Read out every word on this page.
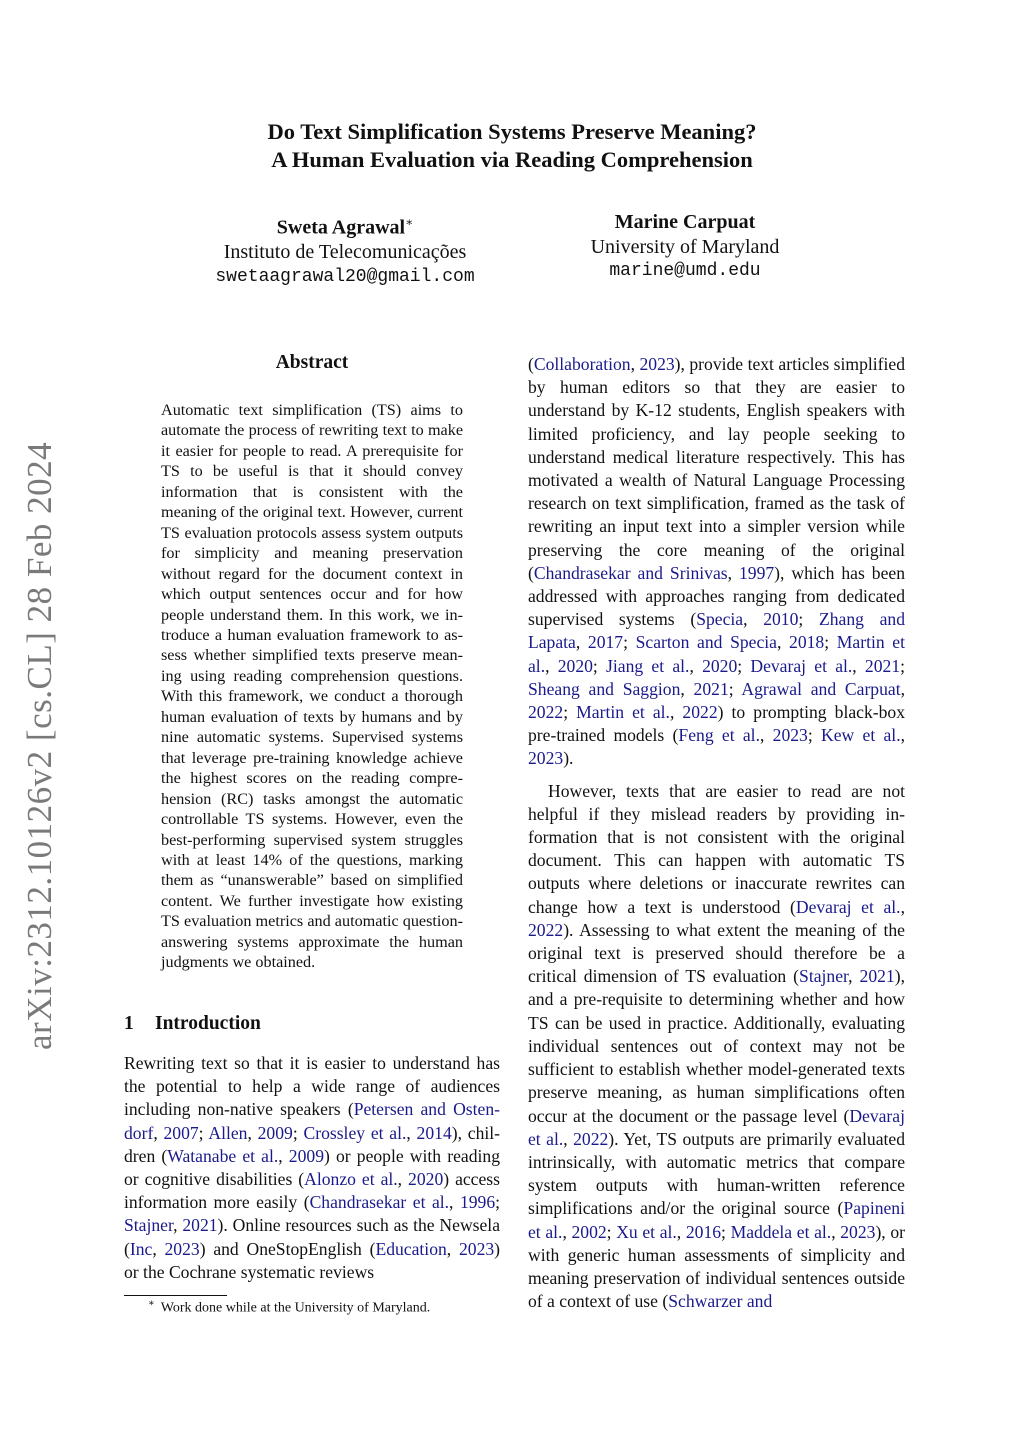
arXiv:2312.10126v2 [cs.CL] 28 Feb 2024
Do Text Simplification Systems Preserve Meaning?
A Human Evaluation via Reading Comprehension
Sweta Agrawal∗
Instituto de Telecomunicações
swetaagrawal20@gmail.com
Marine Carpuat
University of Maryland
marine@umd.edu
Abstract
Automatic text simplification (TS) aims to automate the process of rewriting text to make it easier for people to read. A prerequisite for TS to be useful is that it should convey information that is consistent with the meaning of the original text. However, current TS evaluation protocols assess system outputs for simplicity and meaning preservation without regard for the document context in which output sentences occur and for how people understand them. In this work, we introduce a human evaluation framework to assess whether simplified texts preserve meaning using reading comprehension questions. With this framework, we conduct a thorough human evaluation of texts by humans and by nine automatic systems. Supervised systems that leverage pre-training knowledge achieve the highest scores on the reading comprehension (RC) tasks amongst the automatic controllable TS systems. However, even the best-performing supervised system struggles with at least 14% of the questions, marking them as “unanswerable” based on simplified content. We further investigate how existing TS evaluation metrics and automatic question-answering systems approximate the human judgments we obtained.
1 Introduction
Rewriting text so that it is easier to understand has the potential to help a wide range of audiences including non-native speakers (Petersen and Ostendorf, 2007; Allen, 2009; Crossley et al., 2014), children (Watanabe et al., 2009) or people with reading or cognitive disabilities (Alonzo et al., 2020) access information more easily (Chandrasekar et al., 1996; Stajner, 2021). Online resources such as the Newsela (Inc, 2023) and OneStopEnglish (Education, 2023) or the Cochrane systematic reviews
∗ Work done while at the University of Maryland.

(Collaboration, 2023), provide text articles simplified by human editors so that they are easier to understand by K-12 students, English speakers with limited proficiency, and lay people seeking to understand medical literature respectively. This has motivated a wealth of Natural Language Processing research on text simplification, framed as the task of rewriting an input text into a simpler version while preserving the core meaning of the original (Chandrasekar and Srinivas, 1997), which has been addressed with approaches ranging from dedicated supervised systems (Specia, 2010; Zhang and Lapata, 2017; Scarton and Specia, 2018; Martin et al., 2020; Jiang et al., 2020; Devaraj et al., 2021; Sheang and Saggion, 2021; Agrawal and Carpuat, 2022; Martin et al., 2022) to prompting black-box pre-trained models (Feng et al., 2023; Kew et al., 2023).

However, texts that are easier to read are not helpful if they mislead readers by providing information that is not consistent with the original document. This can happen with automatic TS outputs where deletions or inaccurate rewrites can change how a text is understood (Devaraj et al., 2022). Assessing to what extent the meaning of the original text is preserved should therefore be a critical dimension of TS evaluation (Stajner, 2021), and a pre-requisite to determining whether and how TS can be used in practice. Additionally, evaluating individual sentences out of context may not be sufficient to establish whether model-generated texts preserve meaning, as human simplifications often occur at the document or the passage level (Devaraj et al., 2022). Yet, TS outputs are primarily evaluated intrinsically, with automatic metrics that compare system outputs with human-written reference simplifications and/or the original source (Papineni et al., 2002; Xu et al., 2016; Maddela et al., 2023), or with generic human assessments of simplicity and meaning preservation of individual sentences outside of a context of use (Schwarzer and
